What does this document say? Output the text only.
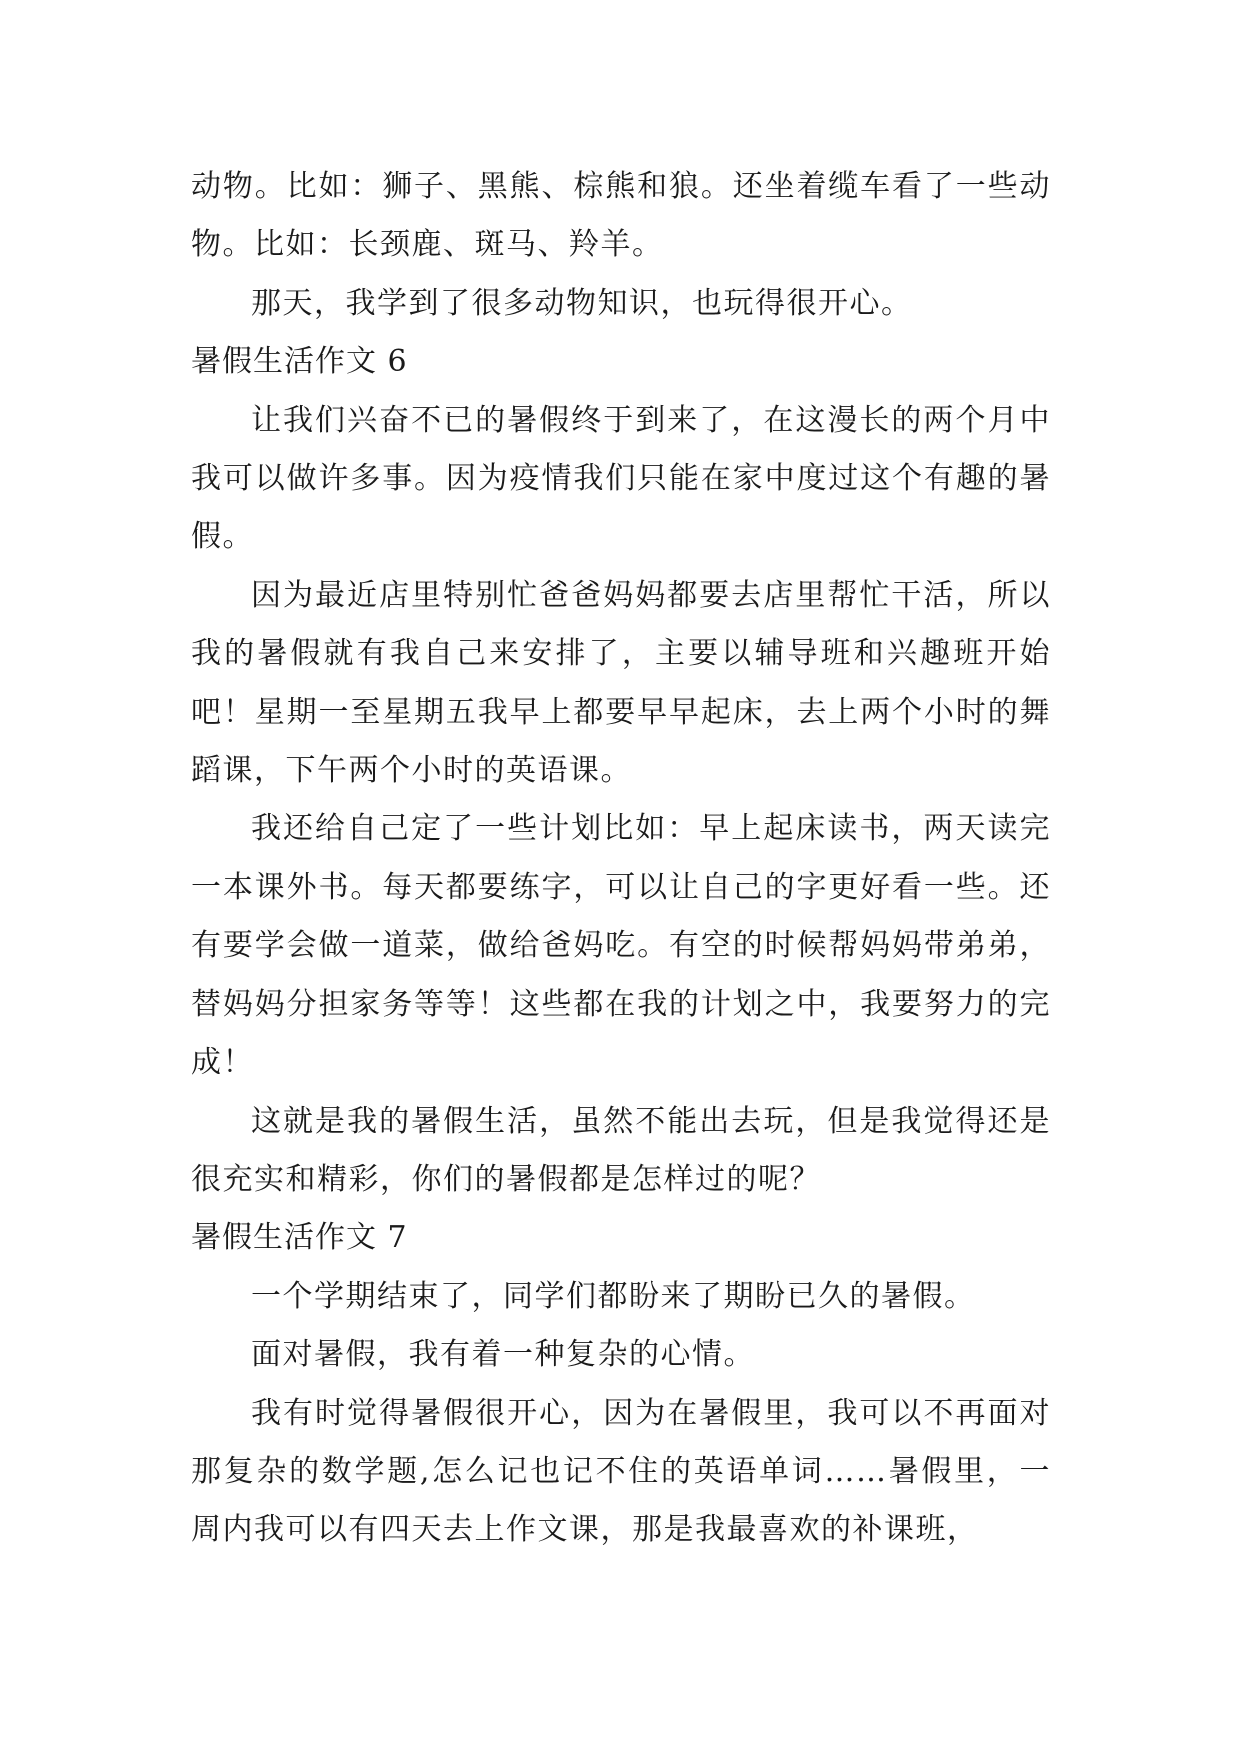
动物。比如：狮子、黑熊、棕熊和狼。还坐着缆车看了一些动物。比如：长颈鹿、斑马、羚羊。

那天，我学到了很多动物知识，也玩得很开心。

暑假生活作文 6

让我们兴奋不已的暑假终于到来了，在这漫长的两个月中我可以做许多事。因为疫情我们只能在家中度过这个有趣的暑假。

因为最近店里特别忙爸爸妈妈都要去店里帮忙干活，所以我的暑假就有我自己来安排了，主要以辅导班和兴趣班开始吧！星期一至星期五我早上都要早早起床，去上两个小时的舞蹈课，下午两个小时的英语课。

我还给自己定了一些计划比如：早上起床读书，两天读完一本课外书。每天都要练字，可以让自己的字更好看一些。还有要学会做一道菜，做给爸妈吃。有空的时候帮妈妈带弟弟，替妈妈分担家务等等！这些都在我的计划之中，我要努力的完成！

这就是我的暑假生活，虽然不能出去玩，但是我觉得还是很充实和精彩，你们的暑假都是怎样过的呢？

暑假生活作文 7

一个学期结束了，同学们都盼来了期盼已久的暑假。

面对暑假，我有着一种复杂的心情。

我有时觉得暑假很开心，因为在暑假里，我可以不再面对那复杂的数学题,怎么记也记不住的英语单词……暑假里，一周内我可以有四天去上作文课，那是我最喜欢的补课班，
